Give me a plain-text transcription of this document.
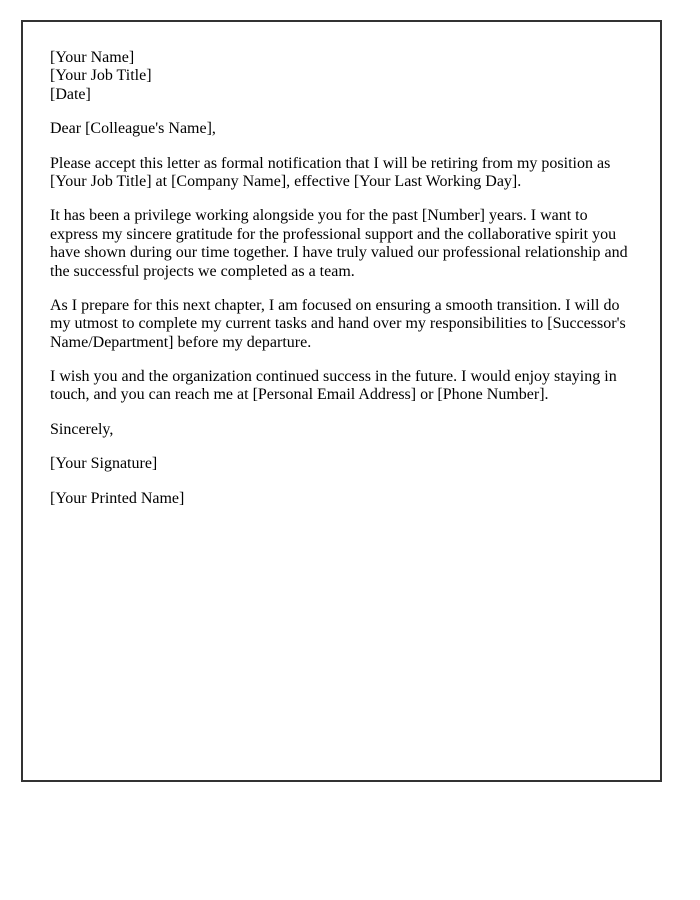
[Your Name]
[Your Job Title]
[Date]

Dear [Colleague's Name],

Please accept this letter as formal notification that I will be retiring from my position as [Your Job Title] at [Company Name], effective [Your Last Working Day].

It has been a privilege working alongside you for the past [Number] years. I want to express my sincere gratitude for the professional support and the collaborative spirit you have shown during our time together. I have truly valued our professional relationship and the successful projects we completed as a team.

As I prepare for this next chapter, I am focused on ensuring a smooth transition. I will do my utmost to complete my current tasks and hand over my responsibilities to [Successor's Name/Department] before my departure.

I wish you and the organization continued success in the future. I would enjoy staying in touch, and you can reach me at [Personal Email Address] or [Phone Number].

Sincerely,

[Your Signature]

[Your Printed Name]
